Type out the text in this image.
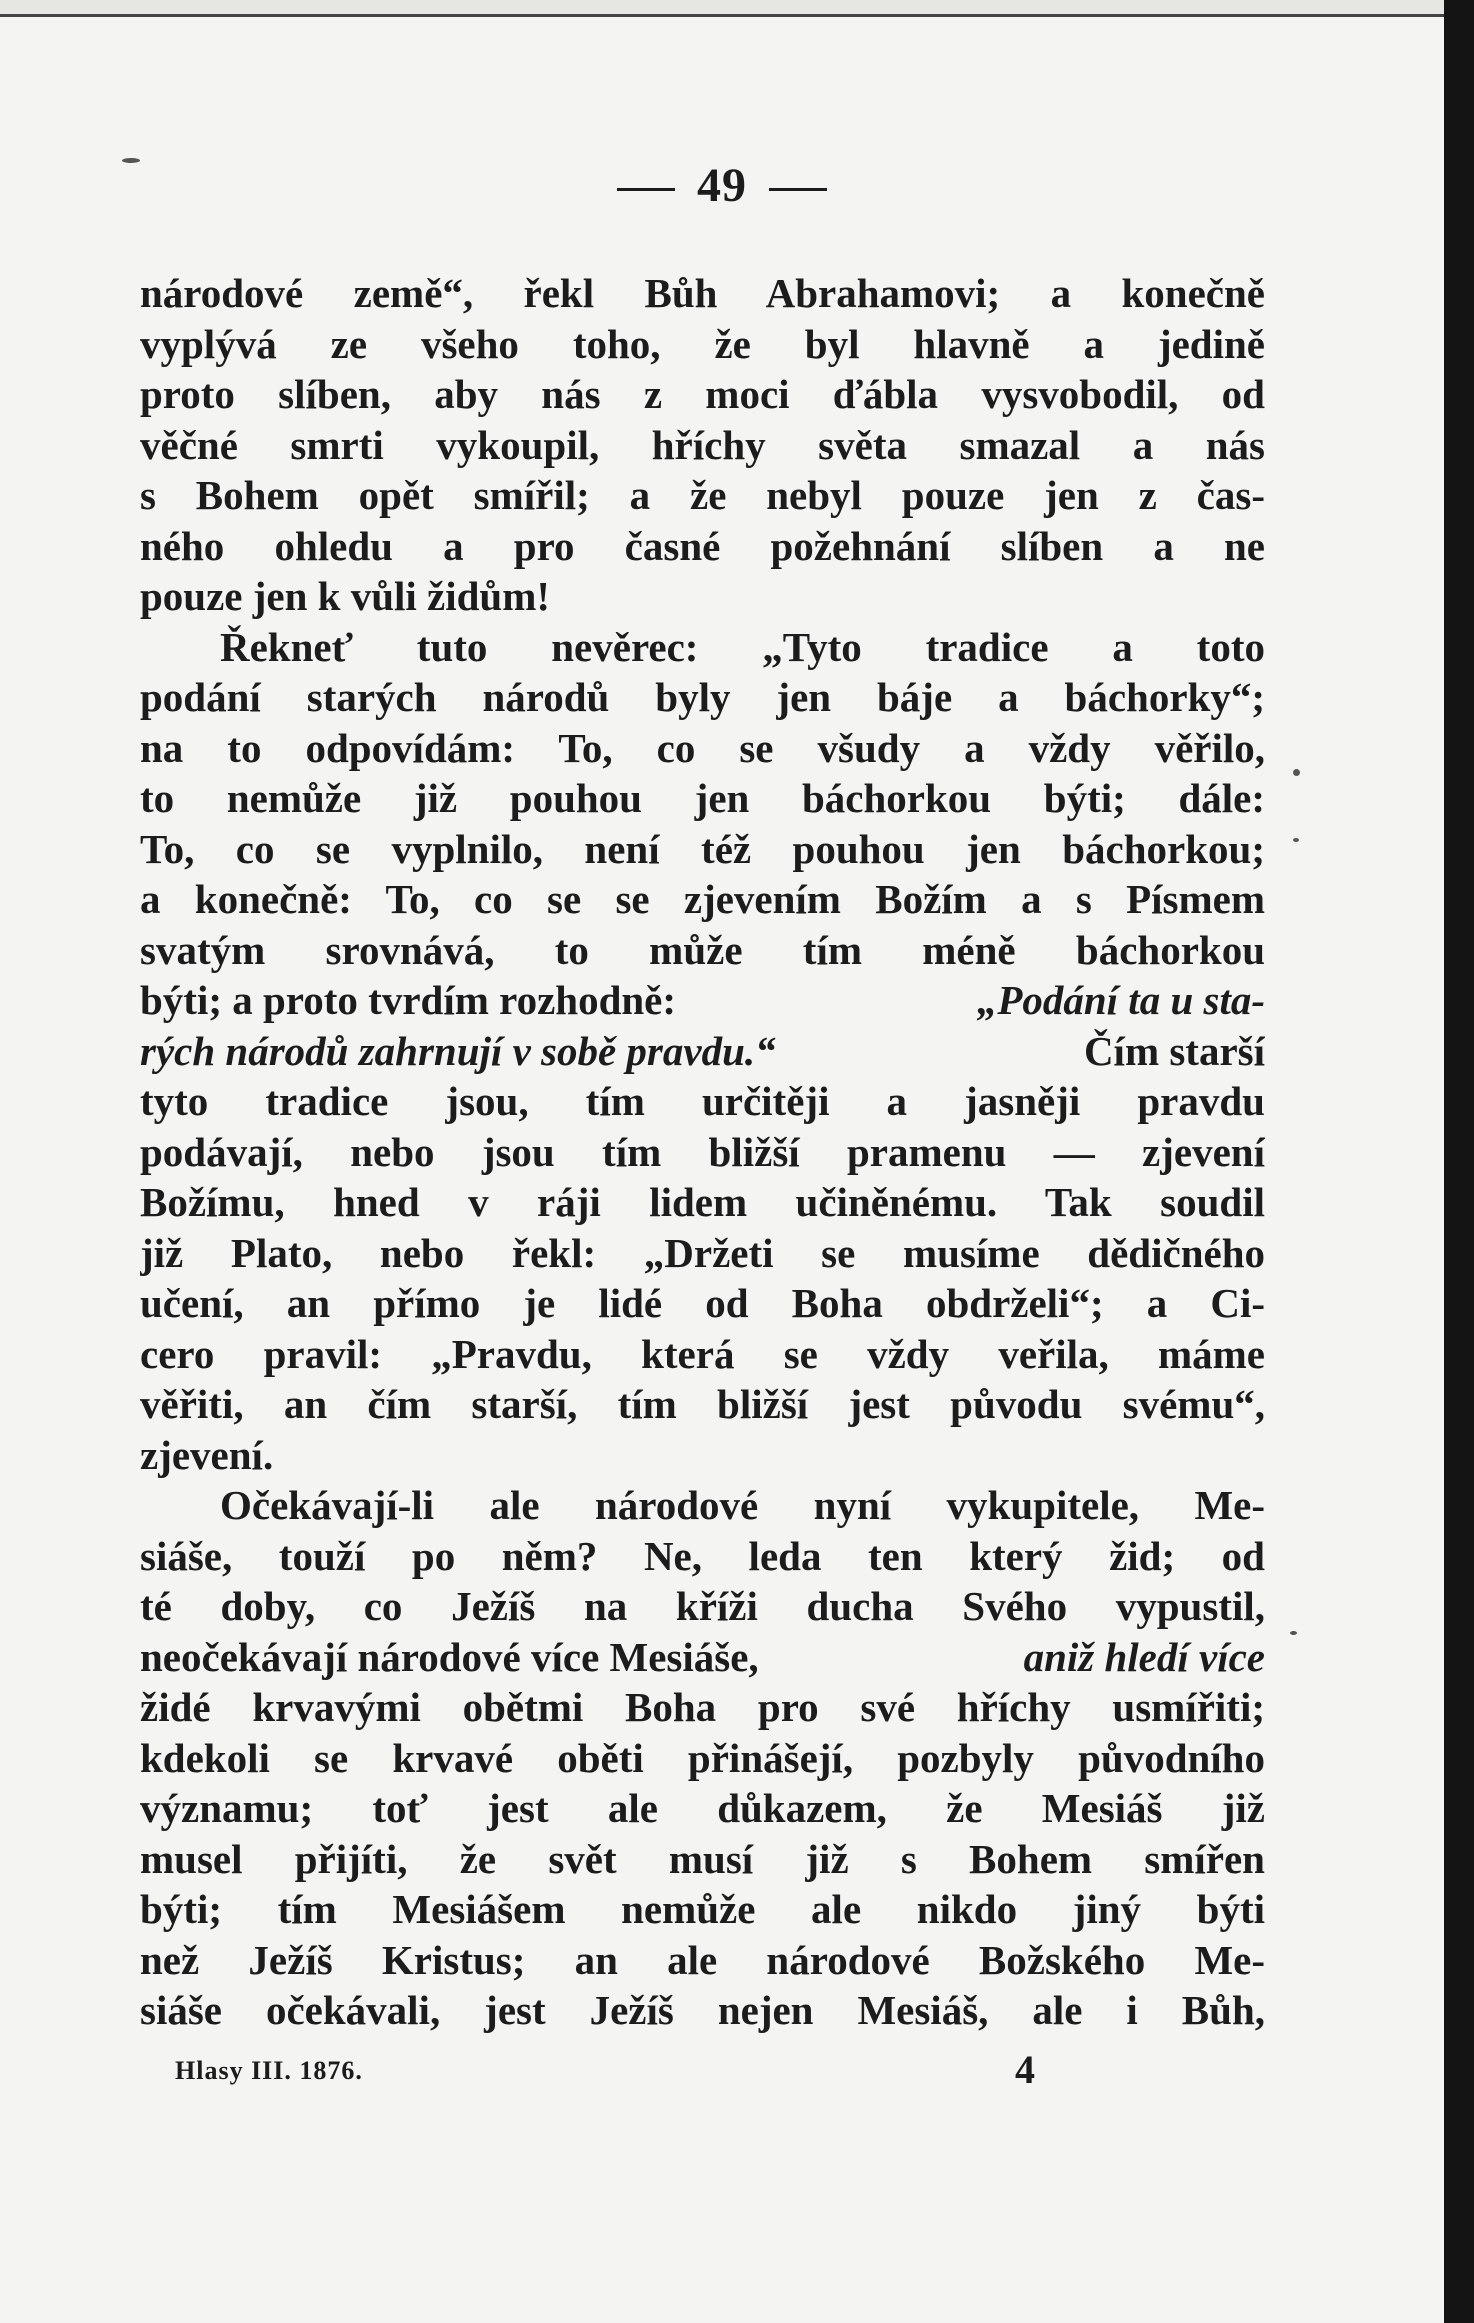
49
národové země“, řekl Bůh Abrahamovi; a konečně
vyplývá ze všeho toho, že byl hlavně a jedině
proto slíben, aby nás z moci ďábla vysvobodil, od
věčné smrti vykoupil, hříchy světa smazal a nás
s Bohem opět smířil; a že nebyl pouze jen z čas-
ného ohledu a pro časné požehnání slíben a ne
pouze jen k vůli židům!
Řekneť tuto nevěrec: „Tyto tradice a toto
podání starých národů byly jen báje a báchorky“;
na to odpovídám: To, co se všudy a vždy věřilo,
to nemůže již pouhou jen báchorkou býti; dále:
To, co se vyplnilo, není též pouhou jen báchorkou;
a konečně: To, co se se zjevením Božím a s Písmem
svatým srovnává, to může tím méně báchorkou
býti; a proto tvrdím rozhodně:	„Podání ta u sta-
rých národů zahrnují v sobě pravdu.“	Čím starší
tyto tradice jsou, tím určitěji a jasněji pravdu
podávají, nebo jsou tím bližší pramenu — zjevení
Božímu, hned v ráji lidem učiněnému. Tak soudil
již Plato, nebo řekl: „Držeti se musíme dědičného
učení, an přímo je lidé od Boha obdrželi“; a Ci-
cero pravil: „Pravdu, která se vždy veřila, máme
věřiti, an čím starší, tím bližší jest původu svému“,
zjevení.
Očekávají-li ale národové nyní vykupitele, Me-
siáše, touží po něm? Ne, leda ten který žid; od
té doby, co Ježíš na kříži ducha Svého vypustil,
neočekávají národové více Mesiáše,	aniž hledí více
židé krvavými obětmi Boha pro své hříchy usmířiti;
kdekoli se krvavé oběti přinášejí, pozbyly původního
významu; toť jest ale důkazem, že Mesiáš již
musel přijíti, že svět musí již s Bohem smířen
býti; tím Mesiášem nemůže ale nikdo jiný býti
než Ježíš Kristus; an ale národové Božského Me-
siáše očekávali, jest Ježíš nejen Mesiáš, ale i Bůh,
Hlasy III. 1876.	4
